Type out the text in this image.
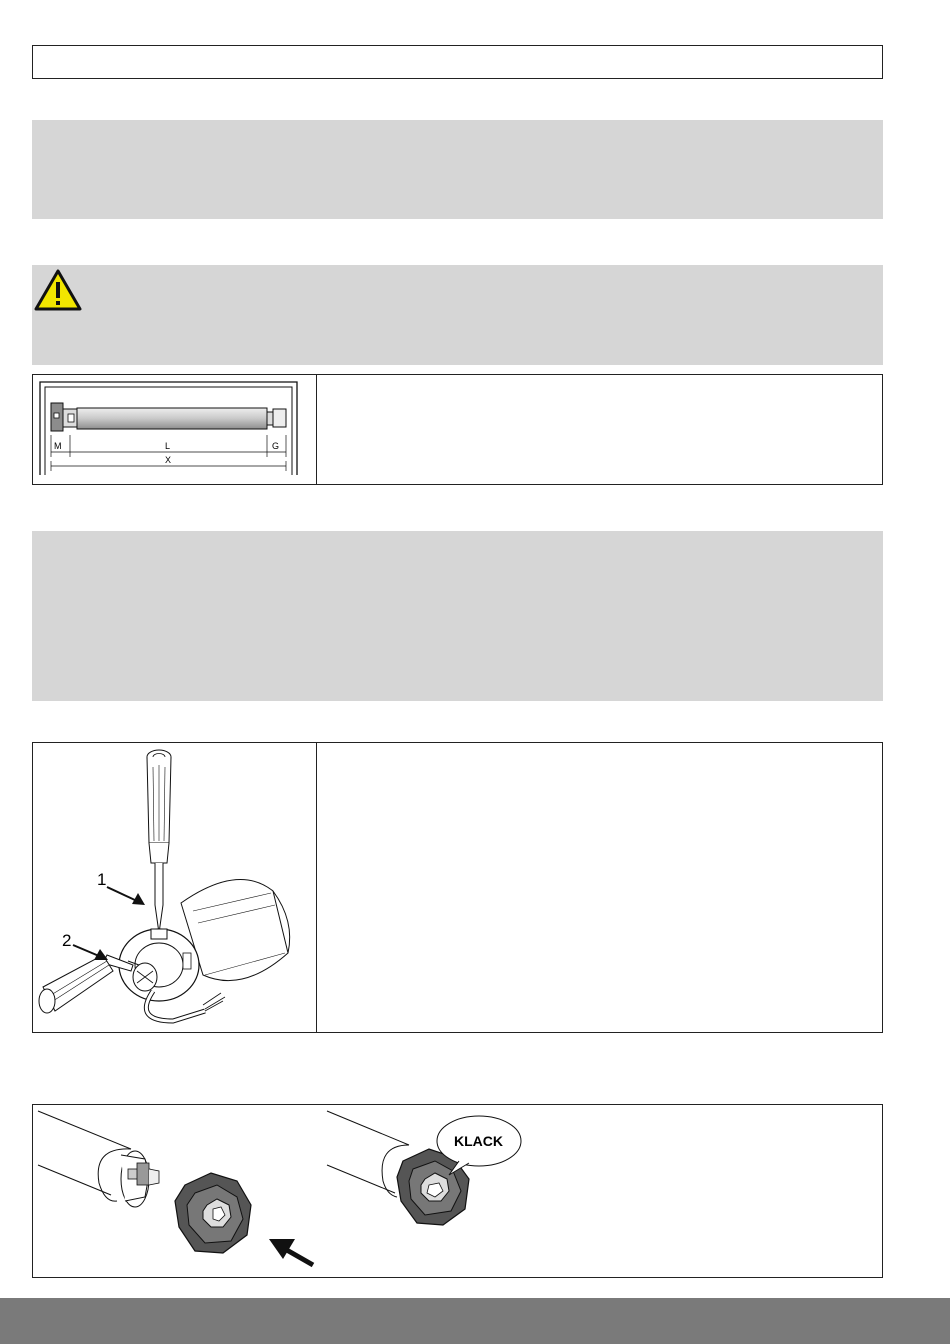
M	L	G
X
1
2
KLACK
